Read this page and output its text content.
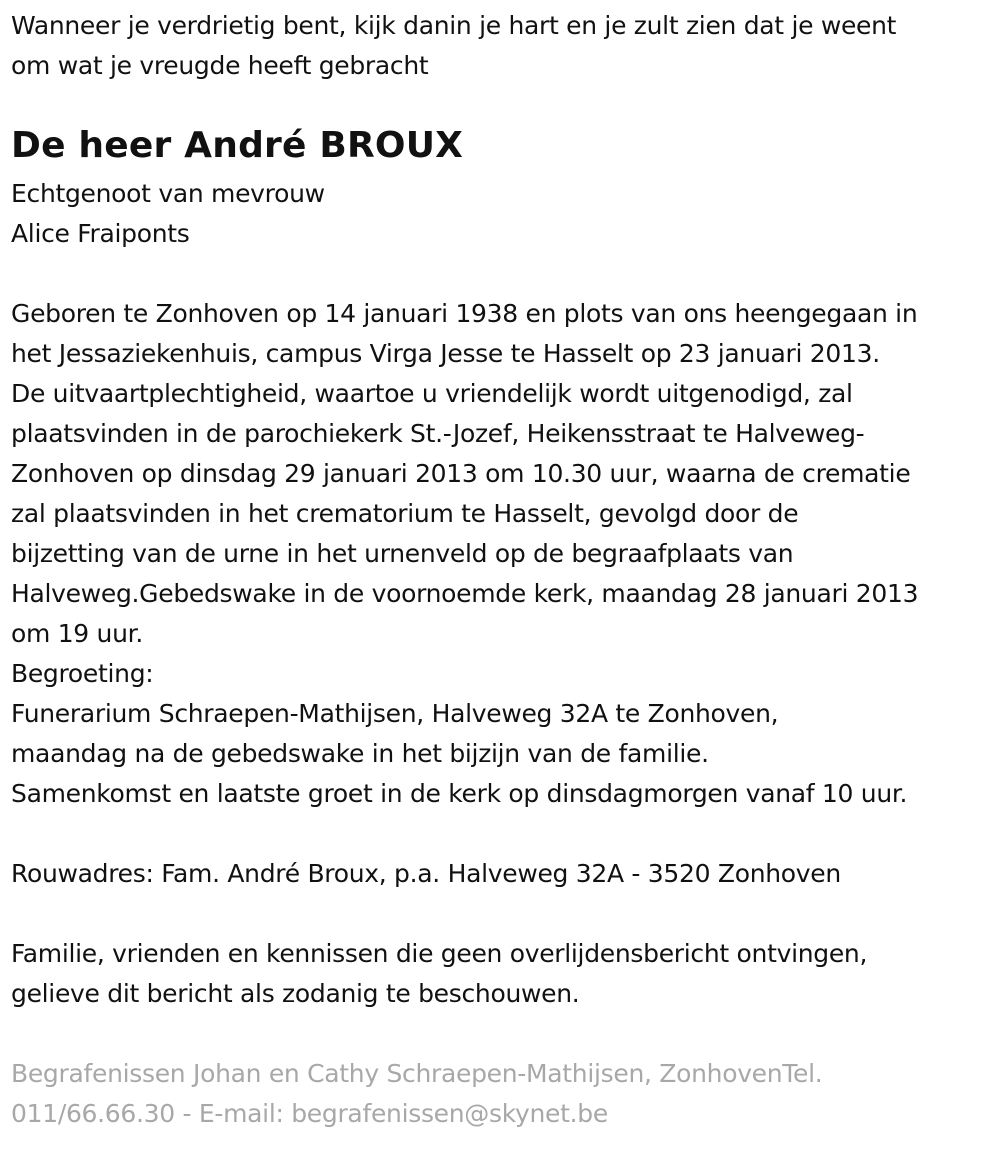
Wanneer je verdrietig bent, kijk danin je hart en je zult zien dat je weent
om wat je vreugde heeft gebracht
De heer André BROUX
Echtgenoot van mevrouw
Alice Fraiponts
Geboren te Zonhoven op 14 januari 1938 en plots van ons heengegaan in
het Jessaziekenhuis, campus Virga Jesse te Hasselt op 23 januari 2013.
De uitvaartplechtigheid, waartoe u vriendelijk wordt uitgenodigd, zal
plaatsvinden in de parochiekerk St.-Jozef, Heikensstraat te Halveweg-
Zonhoven op dinsdag 29 januari 2013 om 10.30 uur, waarna de crematie
zal plaatsvinden in het crematorium te Hasselt, gevolgd door de
bijzetting van de urne in het urnenveld op de begraafplaats van
Halveweg.Gebedswake in de voornoemde kerk, maandag 28 januari 2013
om 19 uur.
Begroeting:
Funerarium Schraepen-Mathijsen, Halveweg 32A te Zonhoven,
maandag na de gebedswake in het bijzijn van de familie.
Samenkomst en laatste groet in de kerk op dinsdagmorgen vanaf 10 uur.
Rouwadres: Fam. André Broux, p.a. Halveweg 32A - 3520 Zonhoven
Familie, vrienden en kennissen die geen overlijdensbericht ontvingen,
gelieve dit bericht als zodanig te beschouwen.
Begrafenissen Johan en Cathy Schraepen-Mathijsen, ZonhovenTel.
011/66.66.30 - E-mail: begrafenissen@skynet.be
